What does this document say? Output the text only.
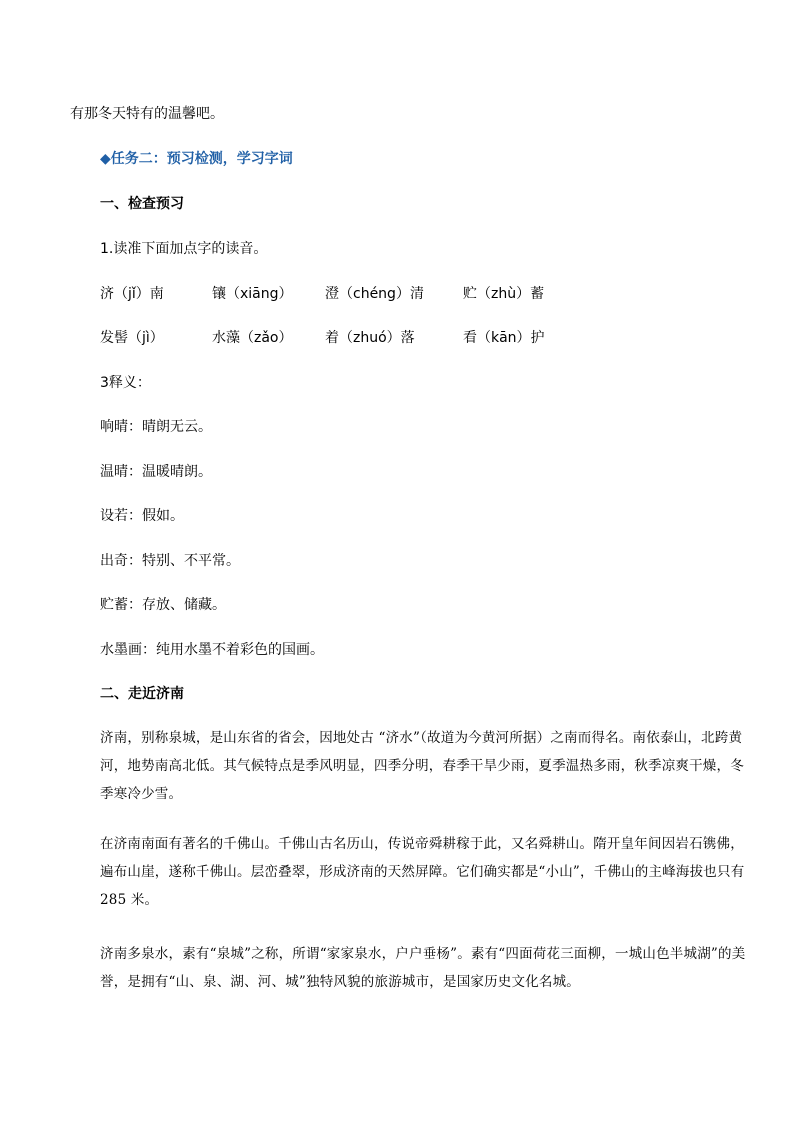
有那冬天特有的温馨吧。
◆任务二：预习检测，学习字词
一、检查预习
1.读准下面加点字的读音。
济（jǐ）南	镶（xiāng） 澄（chéng）清	贮（zhù）蓄
发髻（jì）	水藻（zǎo） 着（zhuó）落	看（kān）护
3释义：
响晴：晴朗无云。
温晴：温暖晴朗。
设若：假如。
出奇：特别、不平常。
贮蓄：存放、储藏。
水墨画：纯用水墨不着彩色的国画。
二、走近济南

济南，别称泉城，是山东省的省会，因地处古 “济水”（故道为今黄河所据）之南而得名。南依泰山，北跨黄河，地势南高北低。其气候特点是季风明显，四季分明，春季干旱少雨，夏季温热多雨，秋季凉爽干燥，冬季寒冷少雪。

在济南南面有著名的千佛山。千佛山古名历山，传说帝舜耕稼于此，又名舜耕山。隋开皇年间因岩石镌佛，遍布山崖，遂称千佛山。层峦叠翠，形成济南的天然屏障。它们确实都是“小山”，千佛山的主峰海拔也只有 285 米。

济南多泉水，素有“泉城”之称，所谓“家家泉水，户户垂杨”。素有“四面荷花三面柳，一城山色半城湖”的美誉，是拥有“山、泉、湖、河、城”独特风貌的旅游城市，是国家历史文化名城。
